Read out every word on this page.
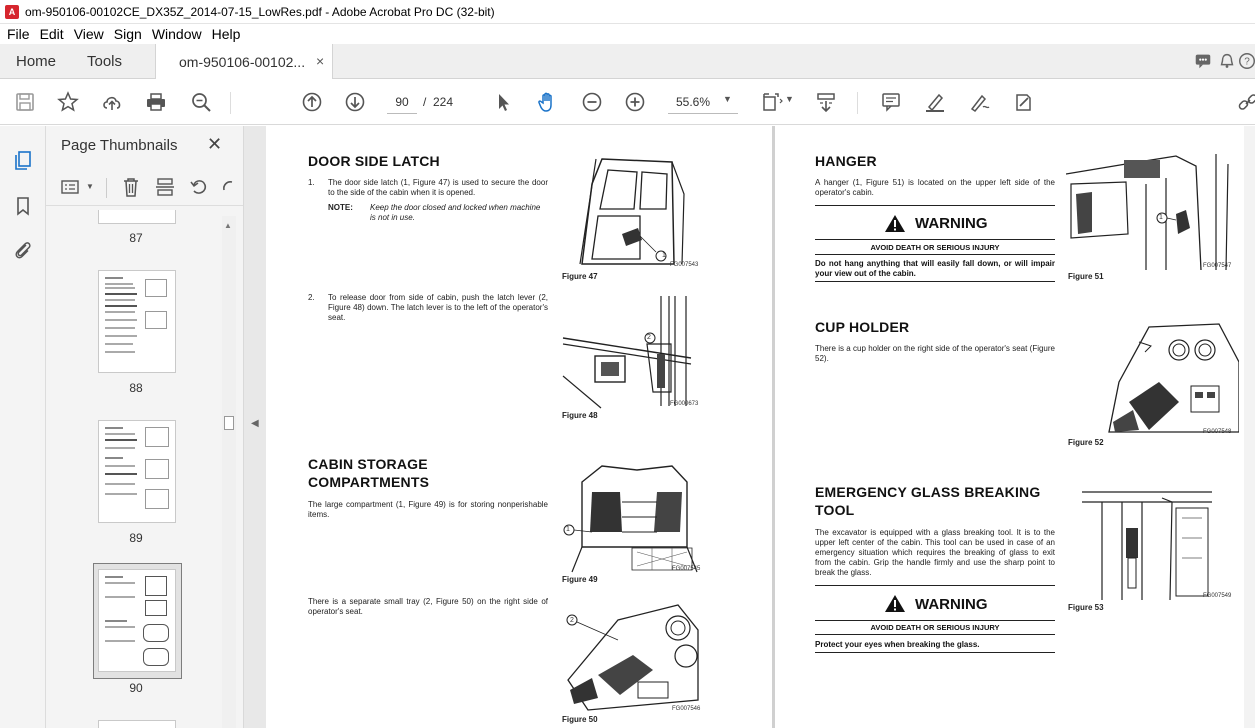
A om-950106-00102CE_DX35Z_2014-07-15_LowRes.pdf - Adobe Acrobat Pro DC (32-bit)
File Edit View Sign Window Help
Home Tools	om-950106-00102... ×	?
90	/ 224	55.6%	▼	▼
Page Thumbnails ✕
▼
87
88
89
90
▲
◀
DOOR SIDE LATCH
1. The door side latch (1, Figure 47) is used to secure the door to the side of the cabin when it is opened.
NOTE: Keep the door closed and locked when machine is not in use.
Figure 47
FG007543
1
2. To release door from side of cabin, push the latch lever (2, Figure 48) down. The latch lever is to the left of the operator's seat.
Figure 48
FG000673
2
CABIN STORAGE
COMPARTMENTS
The large compartment (1, Figure 49) is for storing nonperishable items.
Figure 49
FG007545
1
There is a separate small tray (2, Figure 50) on the right side of operator's seat.
Figure 50
FG007546
2
HANGER
A hanger (1, Figure 51) is located on the upper left side of the operator's cabin.
WARNING
AVOID DEATH OR SERIOUS INJURY
Do not hang anything that will easily fall down, or will impair your view out of the cabin.	Figure 51
FG007547
1
CUP HOLDER
There is a cup holder on the right side of the operator's seat (Figure 52).
Figure 52
FG007548
EMERGENCY GLASS BREAKING
TOOL
The excavator is equipped with a glass breaking tool. It is to the upper left center of the cabin. This tool can be used in case of an emergency situation which requires the breaking of glass to exit from the cabin. Grip the handle firmly and use the sharp point to break the glass.
WARNING
AVOID DEATH OR SERIOUS INJURY
Protect your eyes when breaking the glass.
Figure 53
FG007549
